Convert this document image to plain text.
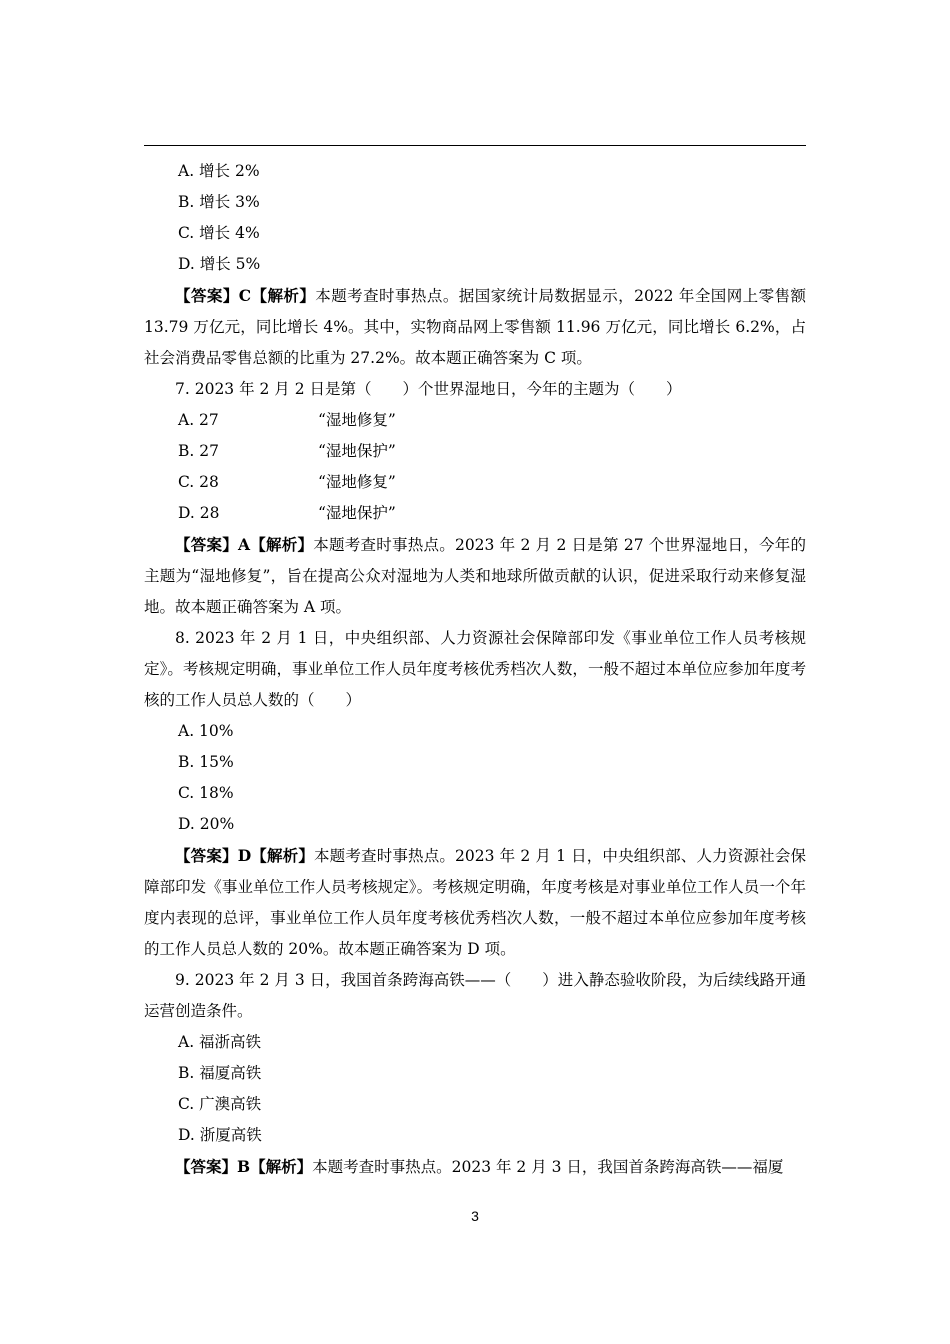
A. 增长 2%
B. 增长 3%
C. 增长 4%
D. 增长 5%
【答案】C【解析】本题考查时事热点。据国家统计局数据显示，2022 年全国网上零售额 13.79 万亿元，同比增长 4%。其中，实物商品网上零售额 11.96 万亿元，同比增长 6.2%，占社会消费品零售总额的比重为 27.2%。故本题正确答案为 C 项。
7. 2023 年 2 月 2 日是第（　　）个世界湿地日，今年的主题为（　　）
A. 27	“湿地修复”
B. 27	“湿地保护”
C. 28	“湿地修复”
D. 28	“湿地保护”
【答案】A【解析】本题考查时事热点。2023 年 2 月 2 日是第 27 个世界湿地日，今年的主题为“湿地修复”，旨在提高公众对湿地为人类和地球所做贡献的认识，促进采取行动来修复湿地。故本题正确答案为 A 项。
8. 2023 年 2 月 1 日，中央组织部、人力资源社会保障部印发《事业单位工作人员考核规定》。考核规定明确，事业单位工作人员年度考核优秀档次人数，一般不超过本单位应参加年度考核的工作人员总人数的（　　）
A. 10%
B. 15%
C. 18%
D. 20%
【答案】D【解析】本题考查时事热点。2023 年 2 月 1 日，中央组织部、人力资源社会保障部印发《事业单位工作人员考核规定》。考核规定明确，年度考核是对事业单位工作人员一个年度内表现的总评，事业单位工作人员年度考核优秀档次人数，一般不超过本单位应参加年度考核的工作人员总人数的 20%。故本题正确答案为 D 项。
9. 2023 年 2 月 3 日，我国首条跨海高铁——（　　）进入静态验收阶段，为后续线路开通运营创造条件。
A. 福浙高铁
B. 福厦高铁
C. 广澳高铁
D. 浙厦高铁
【答案】B【解析】本题考查时事热点。2023 年 2 月 3 日，我国首条跨海高铁——福厦
3
